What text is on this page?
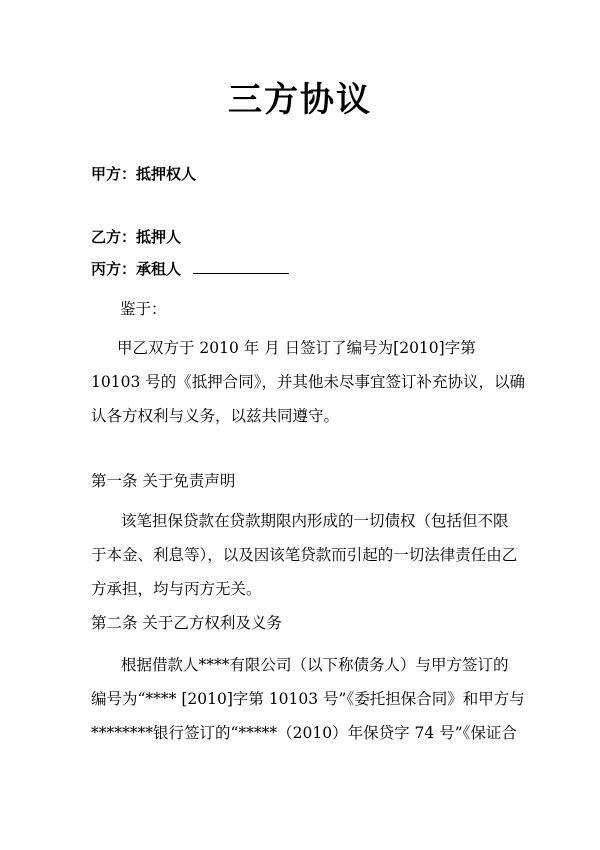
三方协议
甲方：抵押权人
乙方：抵押人
丙方：承租人
鉴于：
甲乙双方于 2010 年 月 日签订了编号为[2010]字第
10103 号的《抵押合同》，并其他未尽事宜签订补充协议，以确
认各方权利与义务，以兹共同遵守。
第一条 关于免责声明
该笔担保贷款在贷款期限内形成的一切债权（包括但不限
于本金、利息等），以及因该笔贷款而引起的一切法律责任由乙
方承担，均与丙方无关。
第二条 关于乙方权利及义务
根据借款人****有限公司（以下称债务人）与甲方签订的
编号为“**** [2010]字第 10103 号”《委托担保合同》和甲方与
********银行签订的“*****（2010）年保贷字 74 号”《保证合
